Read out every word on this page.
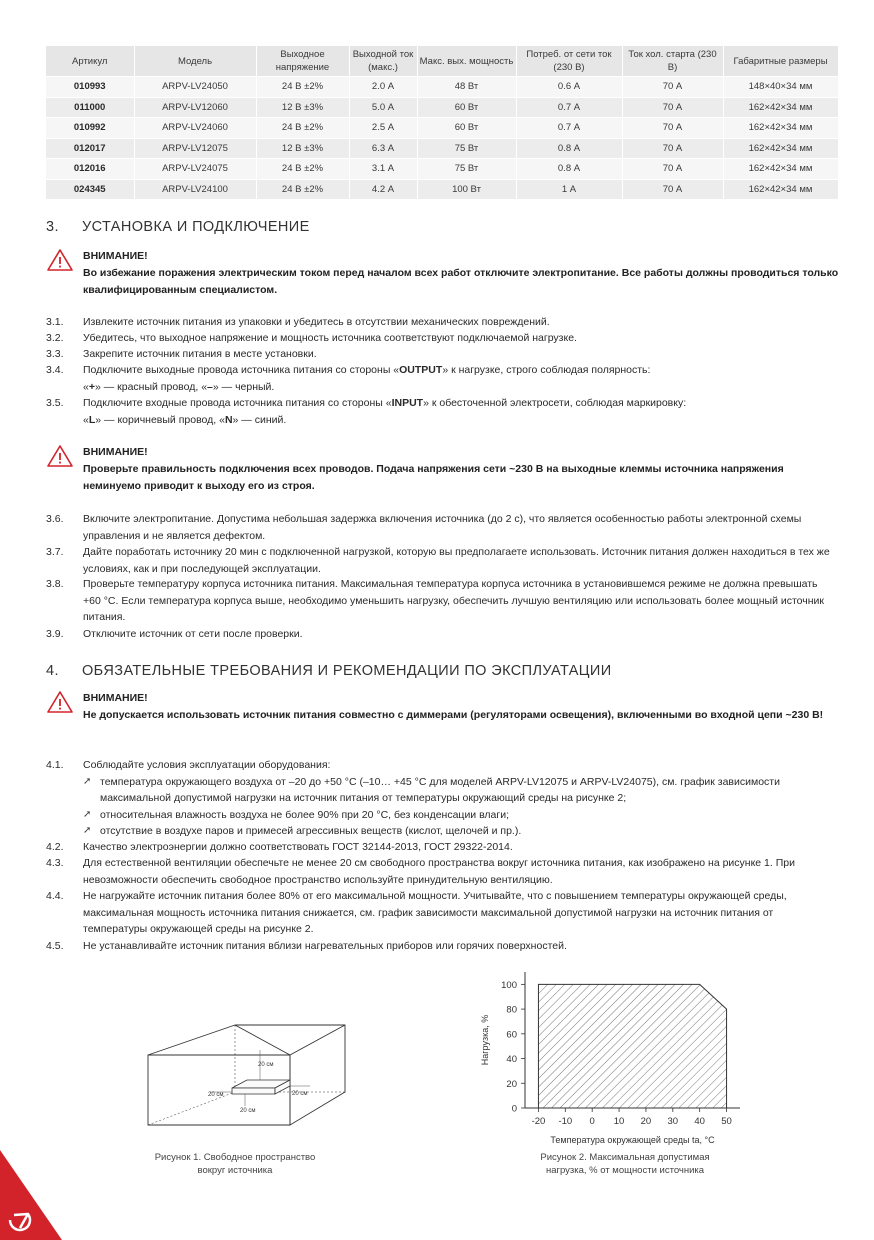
Артикул	Модель	Выходное напряжение	Выходной ток (макс.)	Макс. вых. мощность	Потреб. от сети ток (230 В)	Ток хол. старта (230 В)	Габаритные размеры
010993	ARPV-LV24050	24 В ±2%	2.0 А	48 Вт	0.6 А	70 А	148×40×34 мм
011000	ARPV-LV12060	12 В ±3%	5.0 А	60 Вт	0.7 А	70 А	162×42×34 мм
010992	ARPV-LV24060	24 В ±2%	2.5 А	60 Вт	0.7 А	70 А	162×42×34 мм
012017	ARPV-LV12075	12 В ±3%	6.3 А	75 Вт	0.8 А	70 А	162×42×34 мм
012016	ARPV-LV24075	24 В ±2%	3.1 А	75 Вт	0.8 А	70 А	162×42×34 мм
024345	ARPV-LV24100	24 В ±2%	4.2 А	100 Вт	1 А	70 А	162×42×34 мм
3. УСТАНОВКА И ПОДКЛЮЧЕНИЕ
ВНИМАНИЕ!
Во избежание поражения электрическим током перед началом всех работ отключите электропитание. Все работы должны проводиться только квалифицированным специалистом.
3.1.	Извлеките источник питания из упаковки и убедитесь в отсутствии механических повреждений.
3.2.	Убедитесь, что выходное напряжение и мощность источника соответствуют подключаемой нагрузке.
3.3.	Закрепите источник питания в месте установки.
3.4.	Подключите выходные провода источника питания со стороны «OUTPUT» к нагрузке, строго соблюдая полярность:
«+» — красный провод, «–» — черный.
3.5.	Подключите входные провода источника питания со стороны «INPUT» к обесточенной электросети, соблюдая маркировку:
«L» — коричневый провод, «N» — синий.
ВНИМАНИЕ!
Проверьте правильность подключения всех проводов. Подача напряжения сети ~230 В на выходные клеммы источника напряжения неминуемо приводит к выходу его из строя.
3.6.	Включите электропитание. Допустима небольшая задержка включения источника (до 2 с), что является особенностью работы электронной схемы управления и не является дефектом.
3.7.	Дайте поработать источнику 20 мин с подключенной нагрузкой, которую вы предполагаете использовать. Источник питания должен находиться в тех же условиях, как и при последующей эксплуатации.
3.8.	Проверьте температуру корпуса источника питания. Максимальная температура корпуса источника в установившемся режиме не должна превышать +60 °C. Если температура корпуса выше, необходимо уменьшить нагрузку, обеспечить лучшую вентиляцию или использовать более мощный источник питания.
3.9.	Отключите источник от сети после проверки.
4. ОБЯЗАТЕЛЬНЫЕ ТРЕБОВАНИЯ И РЕКОМЕНДАЦИИ ПО ЭКСПЛУАТАЦИИ
ВНИМАНИЕ!
Не допускается использовать источник питания совместно с диммерами (регуляторами освещения), включенными во входной цепи ~230 В!
4.1.	Соблюдайте условия эксплуатации оборудования:
➚ температура окружающего воздуха от –20 до +50 °C (–10… +45 °C для моделей ARPV-LV12075 и ARPV-LV24075), см. график зависимости максимальной допустимой нагрузки на источник питания от температуры окружающий среды на рисунке 2;
➚ относительная влажность воздуха не более 90% при 20 °C, без конденсации влаги;
➚ отсутствие в воздухе паров и примесей агрессивных веществ (кислот, щелочей и пр.).
4.2.	Качество электроэнергии должно соответствовать ГОСТ 32144-2013, ГОСТ 29322-2014.
4.3.	Для естественной вентиляции обеспечьте не менее 20 см свободного пространства вокруг источника питания, как изображено на рисунке 1. При невозможности обеспечить свободное пространство используйте принудительную вентиляцию.
4.4.	Не нагружайте источник питания более 80% от его максимальной мощности. Учитывайте, что с повышением температуры окружающей среды, максимальная мощность источника питания снижается, см. график зависимости максимальной допустимой нагрузки на источник питания от температуры окружающей среды на рисунке 2.
4.5.	Не устанавливайте источник питания вблизи нагревательных приборов или горячих поверхностей.
20 см
20 см	20 см
20 см
Рисунок 1. Свободное пространство
вокруг источника
-20 -10 0 10 20 30 40 50
0
20
40
60
80
100
Температура окружающей среды ta, °C
Нагрузка, %
Рисунок 2. Максимальная допустимая
нагрузка, % от мощности источника
